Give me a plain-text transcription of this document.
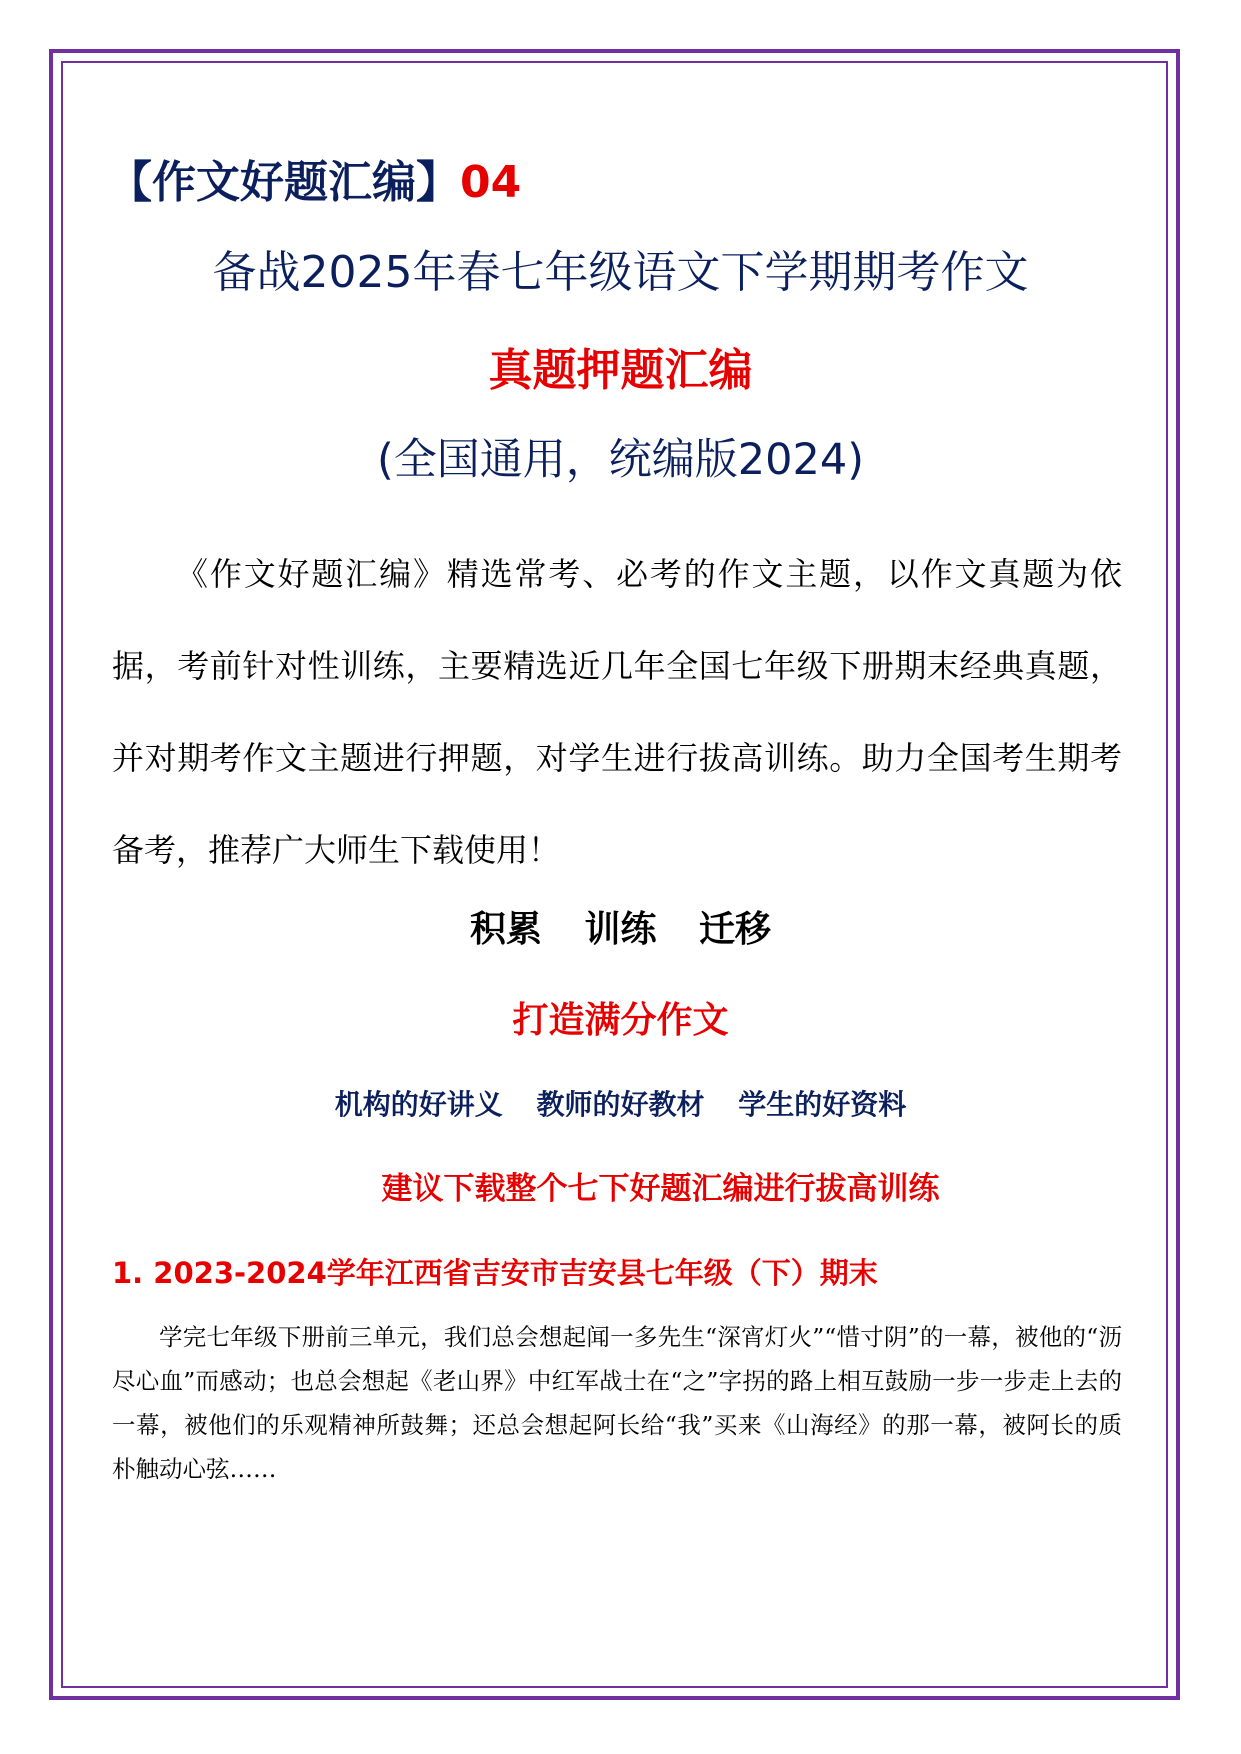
【作文好题汇编】04
备战2025年春七年级语文下学期期考作文
真题押题汇编
(全国通用，统编版2024)
《作文好题汇编》精选常考、必考的作文主题，以作文真题为依据，考前针对性训练，主要精选近几年全国七年级下册期末经典真题，并对期考作文主题进行押题，对学生进行拔高训练。助力全国考生期考备考，推荐广大师生下载使用！
积累 训练 迁移
打造满分作文
机构的好讲义 教师的好教材 学生的好资料
建议下载整个七下好题汇编进行拔高训练
1. 2023-2024学年江西省吉安市吉安县七年级（下）期末
学完七年级下册前三单元，我们总会想起闻一多先生“深宵灯火”“惜寸阴”的一幕，被他的“沥尽心血”而感动；也总会想起《老山界》中红军战士在“之”字拐的路上相互鼓励一步一步走上去的一幕，被他们的乐观精神所鼓舞；还总会想起阿长给“我”买来《山海经》的那一幕，被阿长的质朴触动心弦……
